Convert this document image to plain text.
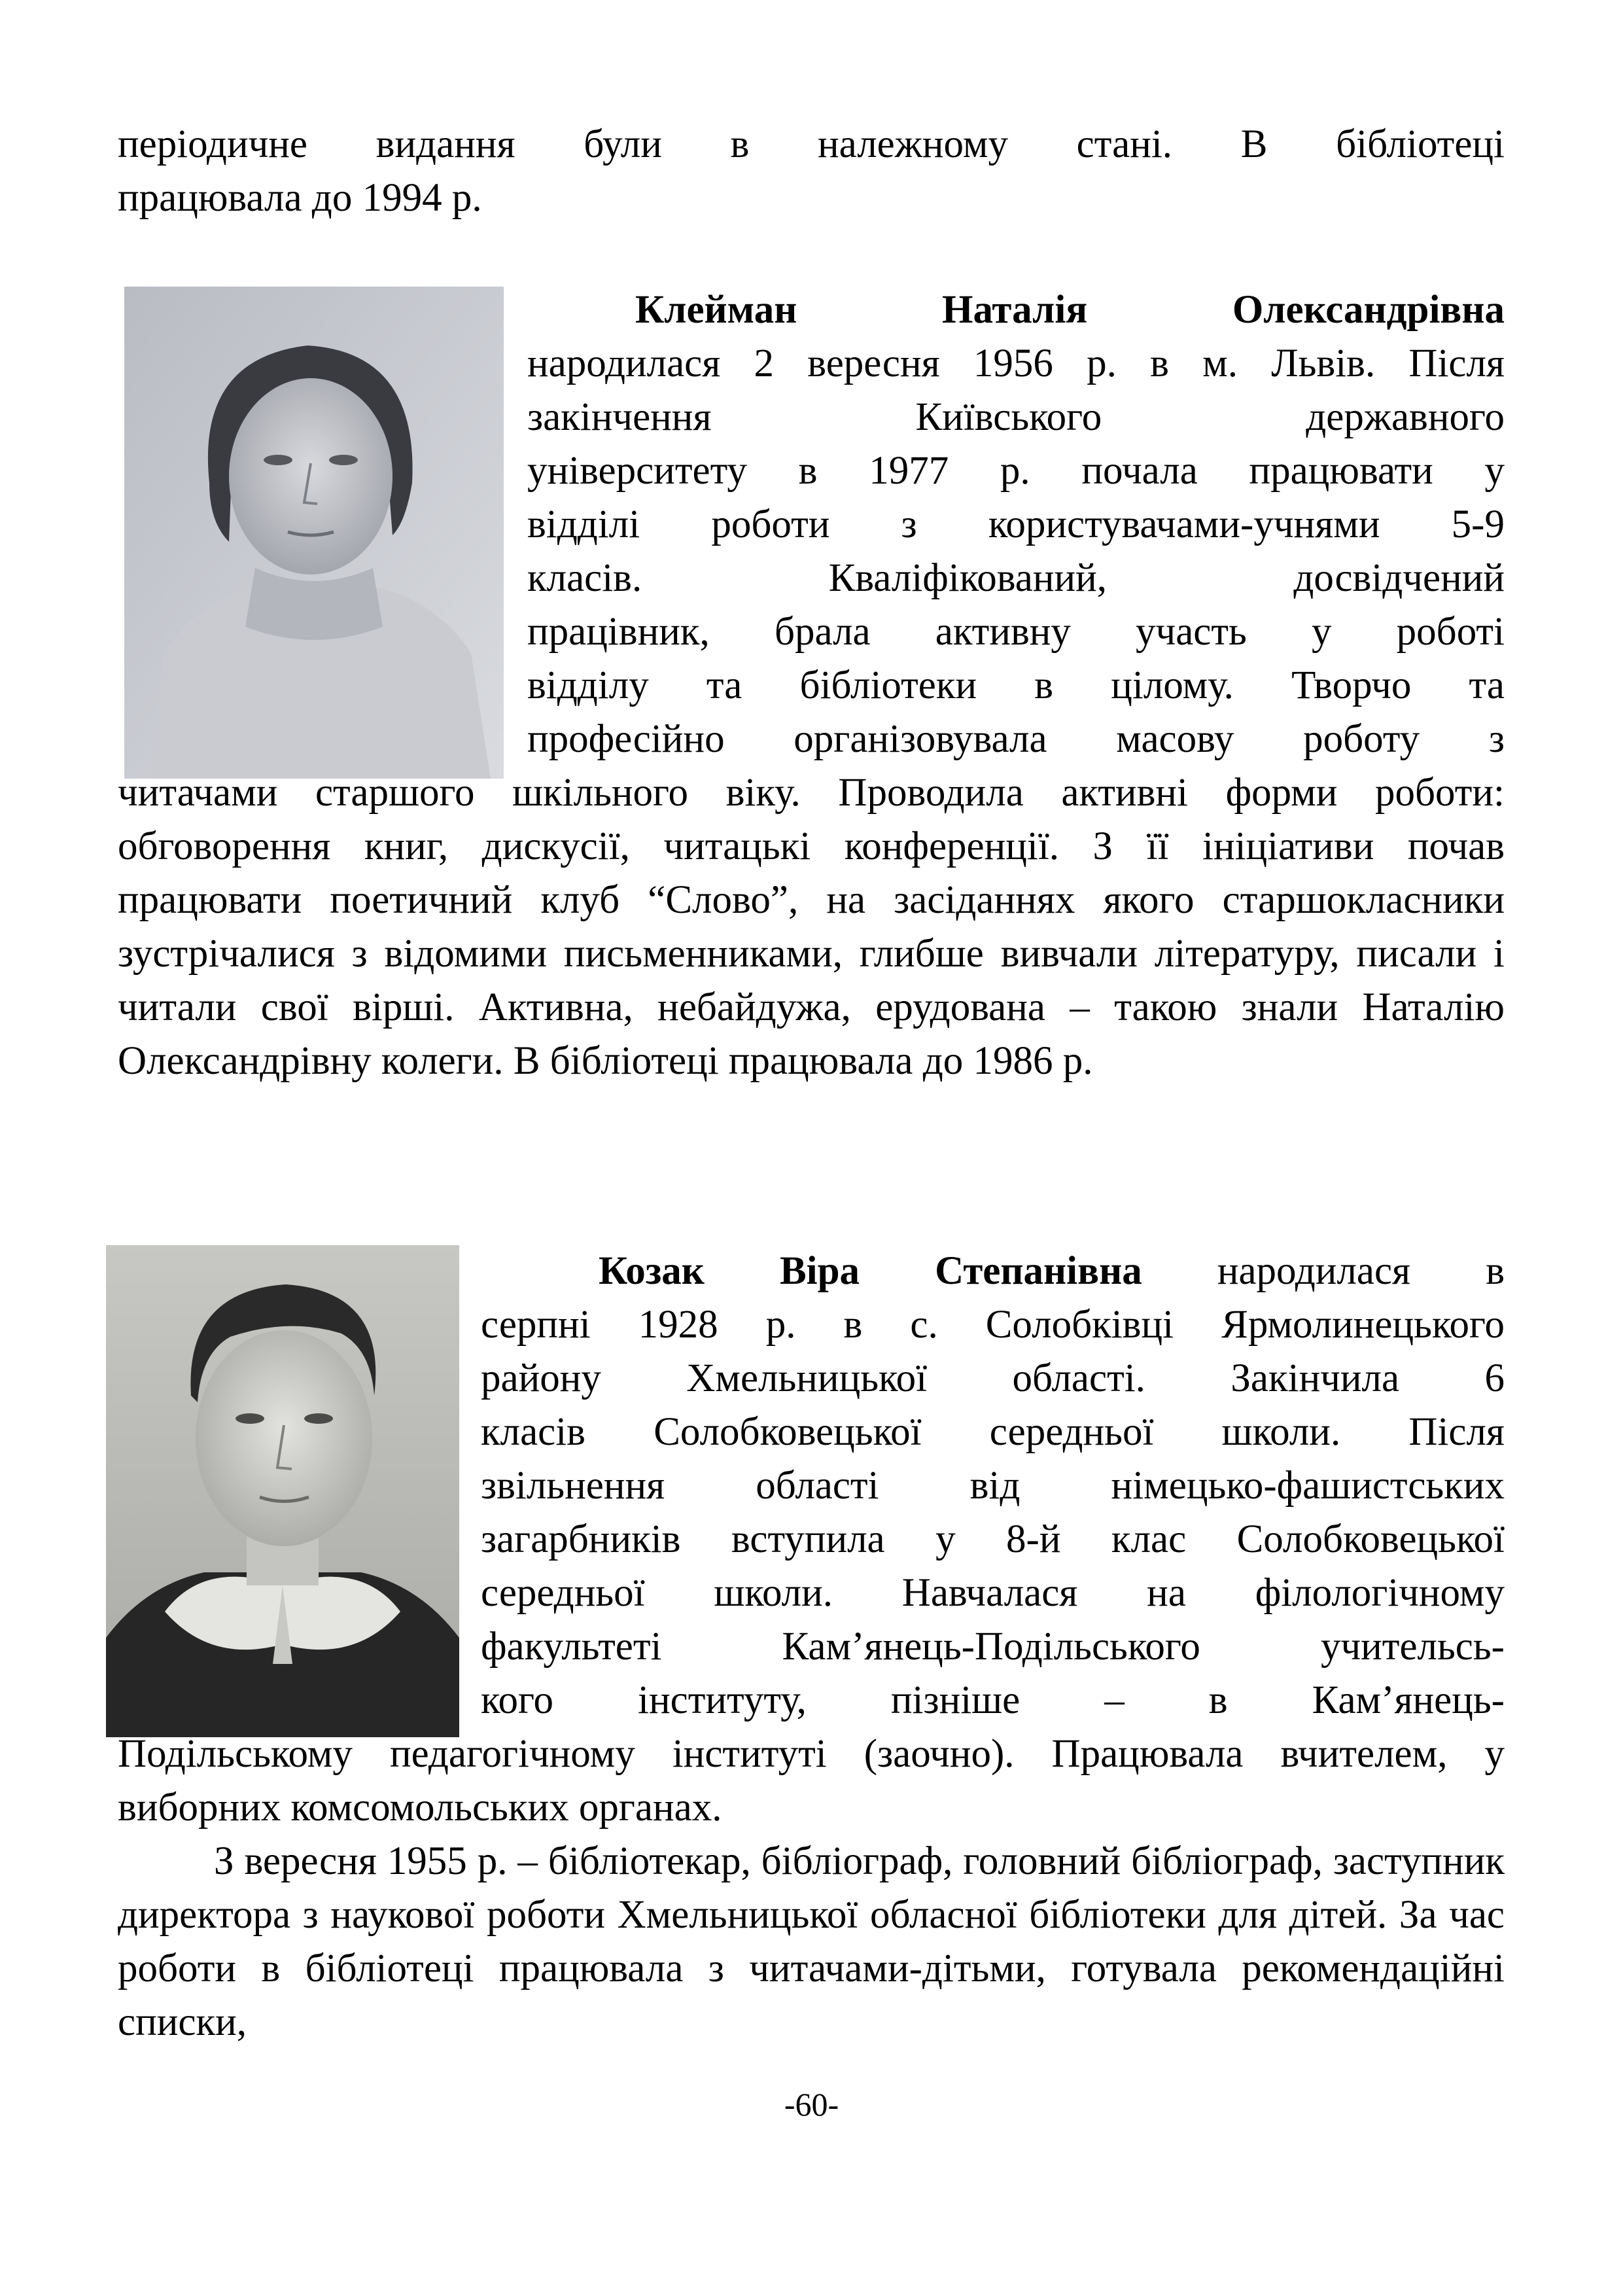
періодичне видання були в належному стані. В бібліотеці

працювала до 1994 р.

Клейман Наталія Олександрівна

народилася 2 вересня 1956 р. в м. Львів. Після

закінчення Київського державного

університету в 1977 р. почала працювати у

відділі роботи з користувачами-учнями 5-9

класів. Кваліфікований, досвідчений

працівник, брала активну участь у роботі

відділу та бібліотеки в цілому. Творчо та

професійно організовувала масову роботу з

читачами старшого шкільного віку. Проводила активні форми роботи: обговорення книг, дискусії, читацькі конференції. З її ініціативи почав працювати поетичний клуб “Слово”, на засіданнях якого старшокласники зустрічалися з відомими письменниками, глибше вивчали літературу, писали і читали свої вірші. Активна, небайдужа, ерудована – такою знали Наталію Олександрівну колеги. В бібліотеці працювала до 1986 р.

Козак Віра Степанівна народилася в

серпні 1928 р. в с. Солобківці Ярмолинецького

району Хмельницької області. Закінчила 6

класів Солобковецької середньої школи. Після

звільнення області від німецько-фашистських

загарбників вступила у 8-й клас Солобковецької

середньої школи. Навчалася на філологічному

факультеті Кам’янець-Подільського учительсь-

кого інституту, пізніше – в Кам’янець-

Подільському педагогічному інституті (заочно). Працювала вчителем, у виборних комсомольських органах.

З вересня 1955 р. – бібліотекар, бібліограф, головний бібліограф, заступник директора з наукової роботи Хмельницької обласної бібліотеки для дітей. За час роботи в бібліотеці працювала з читачами-дітьми, готувала рекомендаційні списки,

-60-
